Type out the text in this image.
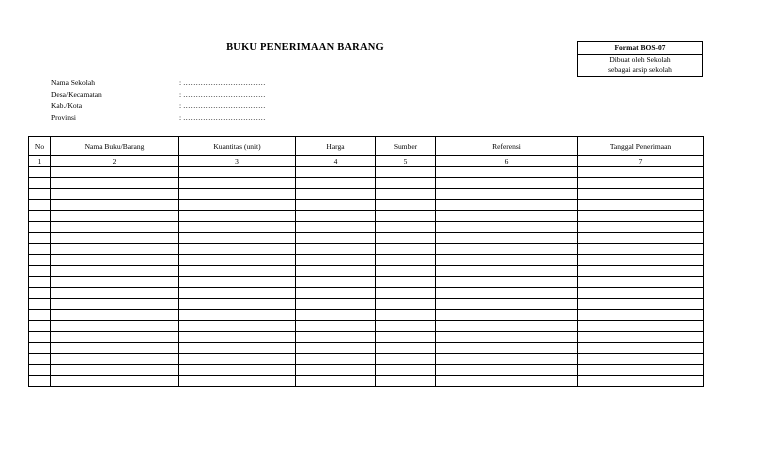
BUKU PENERIMAAN BARANG	Format BOS-07
Dibuat oleh Sekolah
sebagai arsip sekolah
Nama Sekolah	: ……………………………
Desa/Kecamatan	: ……………………………
Kab./Kota	: ……………………………
Provinsi	: ……………………………
No	Nama Buku/Barang	Kuantitas (unit)	Harga	Sumber	Referensi	Tanggal Penerimaan
1	2	3	4	5	6	7
